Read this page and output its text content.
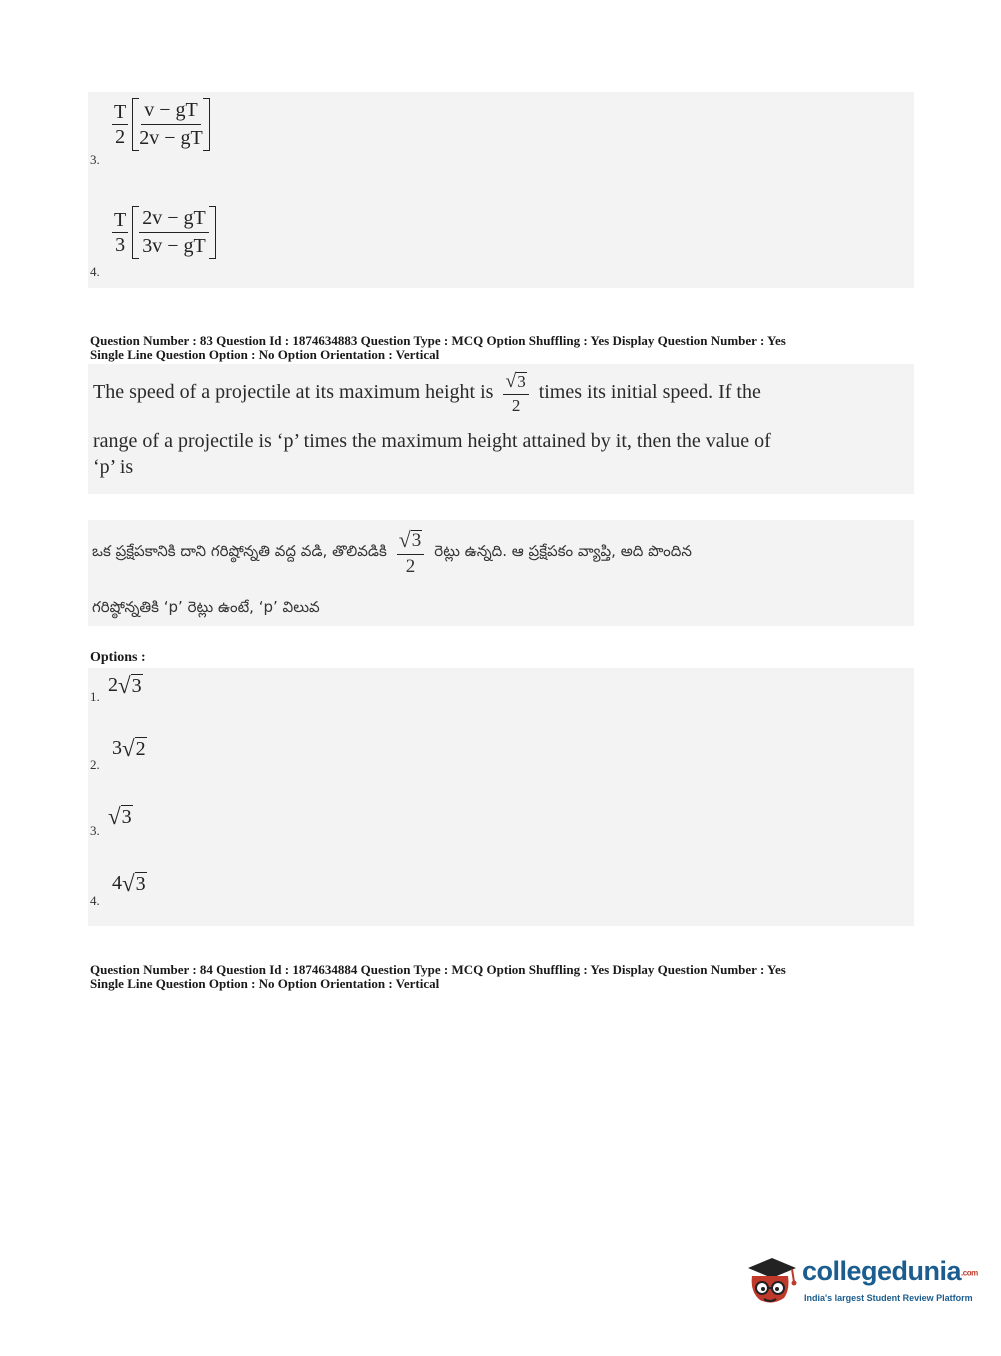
3.
$\frac{T}{2}$ v − gT
2v − gT
4.
$\frac{T}{3} 2v$ − gT
3v − gT
Question Number : 83 Question Id : 1874634883 Question Type : MCQ Option Shuffling : Yes Display Question Number : Yes
Single Line Question Option : No Option Orientation : Vertical
The speed of a projectile at its maximum height is $\frac{√ 3}{2}$ times its initial speed. If the
range of a projectile is ‘p’ times the maximum height attained by it, then the value of
‘p’ is
ఒక ప్రక్షేపకానికి దాని గరిష్ఠోన్నతి వద్ద వడి, తొలివడికి $\frac{√ 3}{2}$ రెట్లు ఉన్నది. ఆ ప్రక్షేపకం వ్యాప్తి, అది పొందిన
గరిష్ఠోన్నతికి ‘p’ రెట్లు ఉంటే, ‘p’ విలువ
Options :
1.
2 √ 3
2.
3 √ 2
3.
√ 3
4.
4 √ 3
Question Number : 84 Question Id : 1874634884 Question Type : MCQ Option Shuffling : Yes Display Question Number : Yes
Single Line Question Option : No Option Orientation : Vertical
collegedunia.com
India's largest Student Review Platform
